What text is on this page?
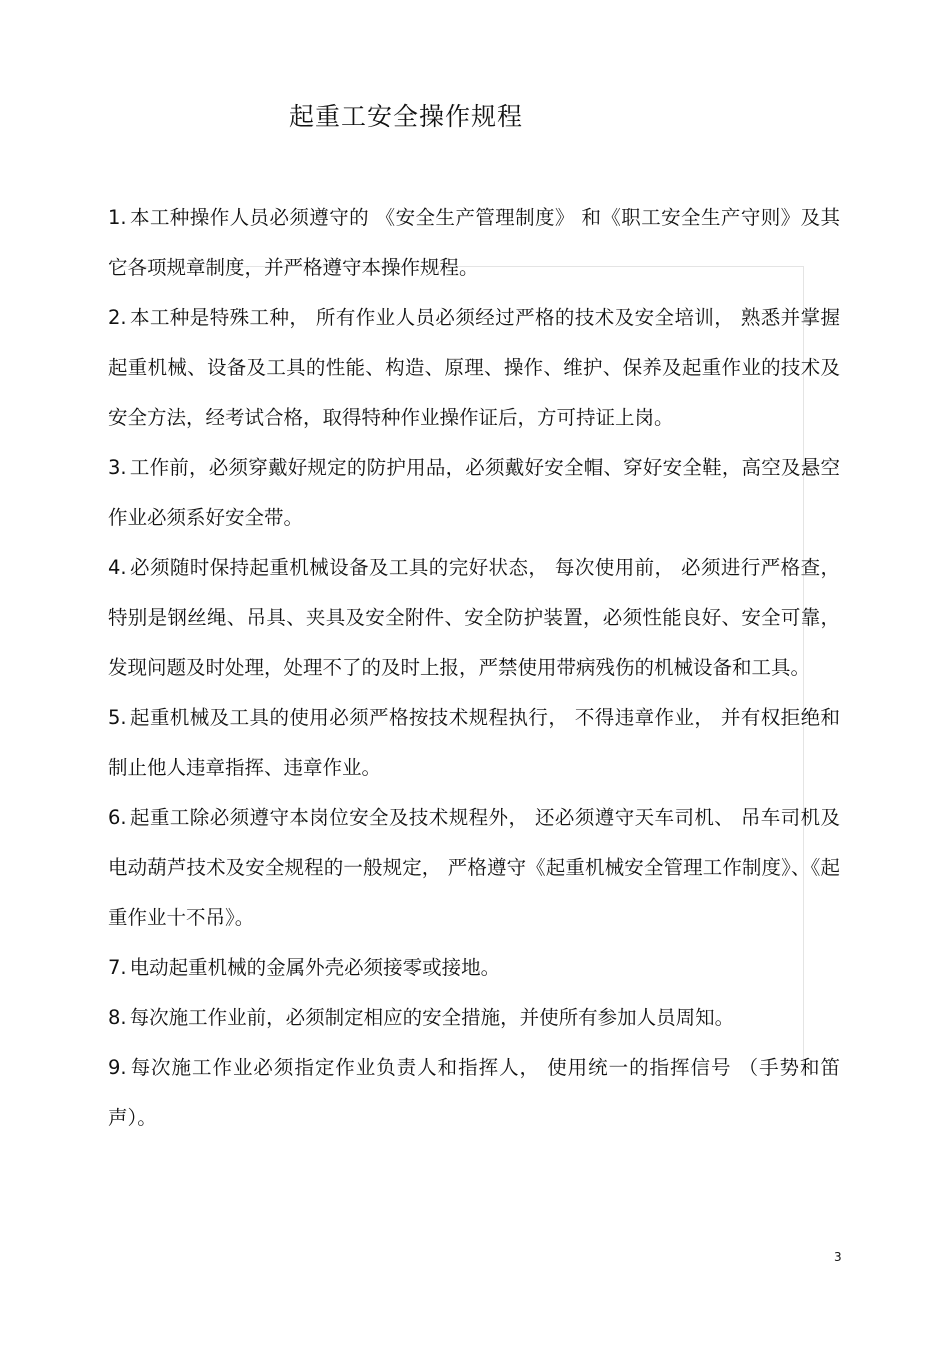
起重工安全操作规程

1. 本工种操作人员必须遵守的 《安全生产管理制度》 和《职工安全生产守则》及其它各项规章制度，并严格遵守本操作规程。

2. 本工种是特殊工种， 所有作业人员必须经过严格的技术及安全培训， 熟悉并掌握起重机械、设备及工具的性能、构造、原理、操作、维护、保养及起重作业的技术及安全方法，经考试合格，取得特种作业操作证后，方可持证上岗。

3. 工作前，必须穿戴好规定的防护用品，必须戴好安全帽、穿好安全鞋，高空及悬空作业必须系好安全带。

4. 必须随时保持起重机械设备及工具的完好状态， 每次使用前， 必须进行严格查，特别是钢丝绳、吊具、夹具及安全附件、安全防护装置，必须性能良好、安全可靠，发现问题及时处理，处理不了的及时上报，严禁使用带病残伤的机械设备和工具。

5. 起重机械及工具的使用必须严格按技术规程执行， 不得违章作业， 并有权拒绝和制止他人违章指挥、违章作业。

6. 起重工除必须遵守本岗位安全及技术规程外， 还必须遵守天车司机、 吊车司机及电动葫芦技术及安全规程的一般规定， 严格遵守《起重机械安全管理工作制度》、《起重作业十不吊》。

7. 电动起重机械的金属外壳必须接零或接地。

8. 每次施工作业前，必须制定相应的安全措施，并使所有参加人员周知。

9. 每次施工作业必须指定作业负责人和指挥人， 使用统一的指挥信号 （手势和笛声）。

3
